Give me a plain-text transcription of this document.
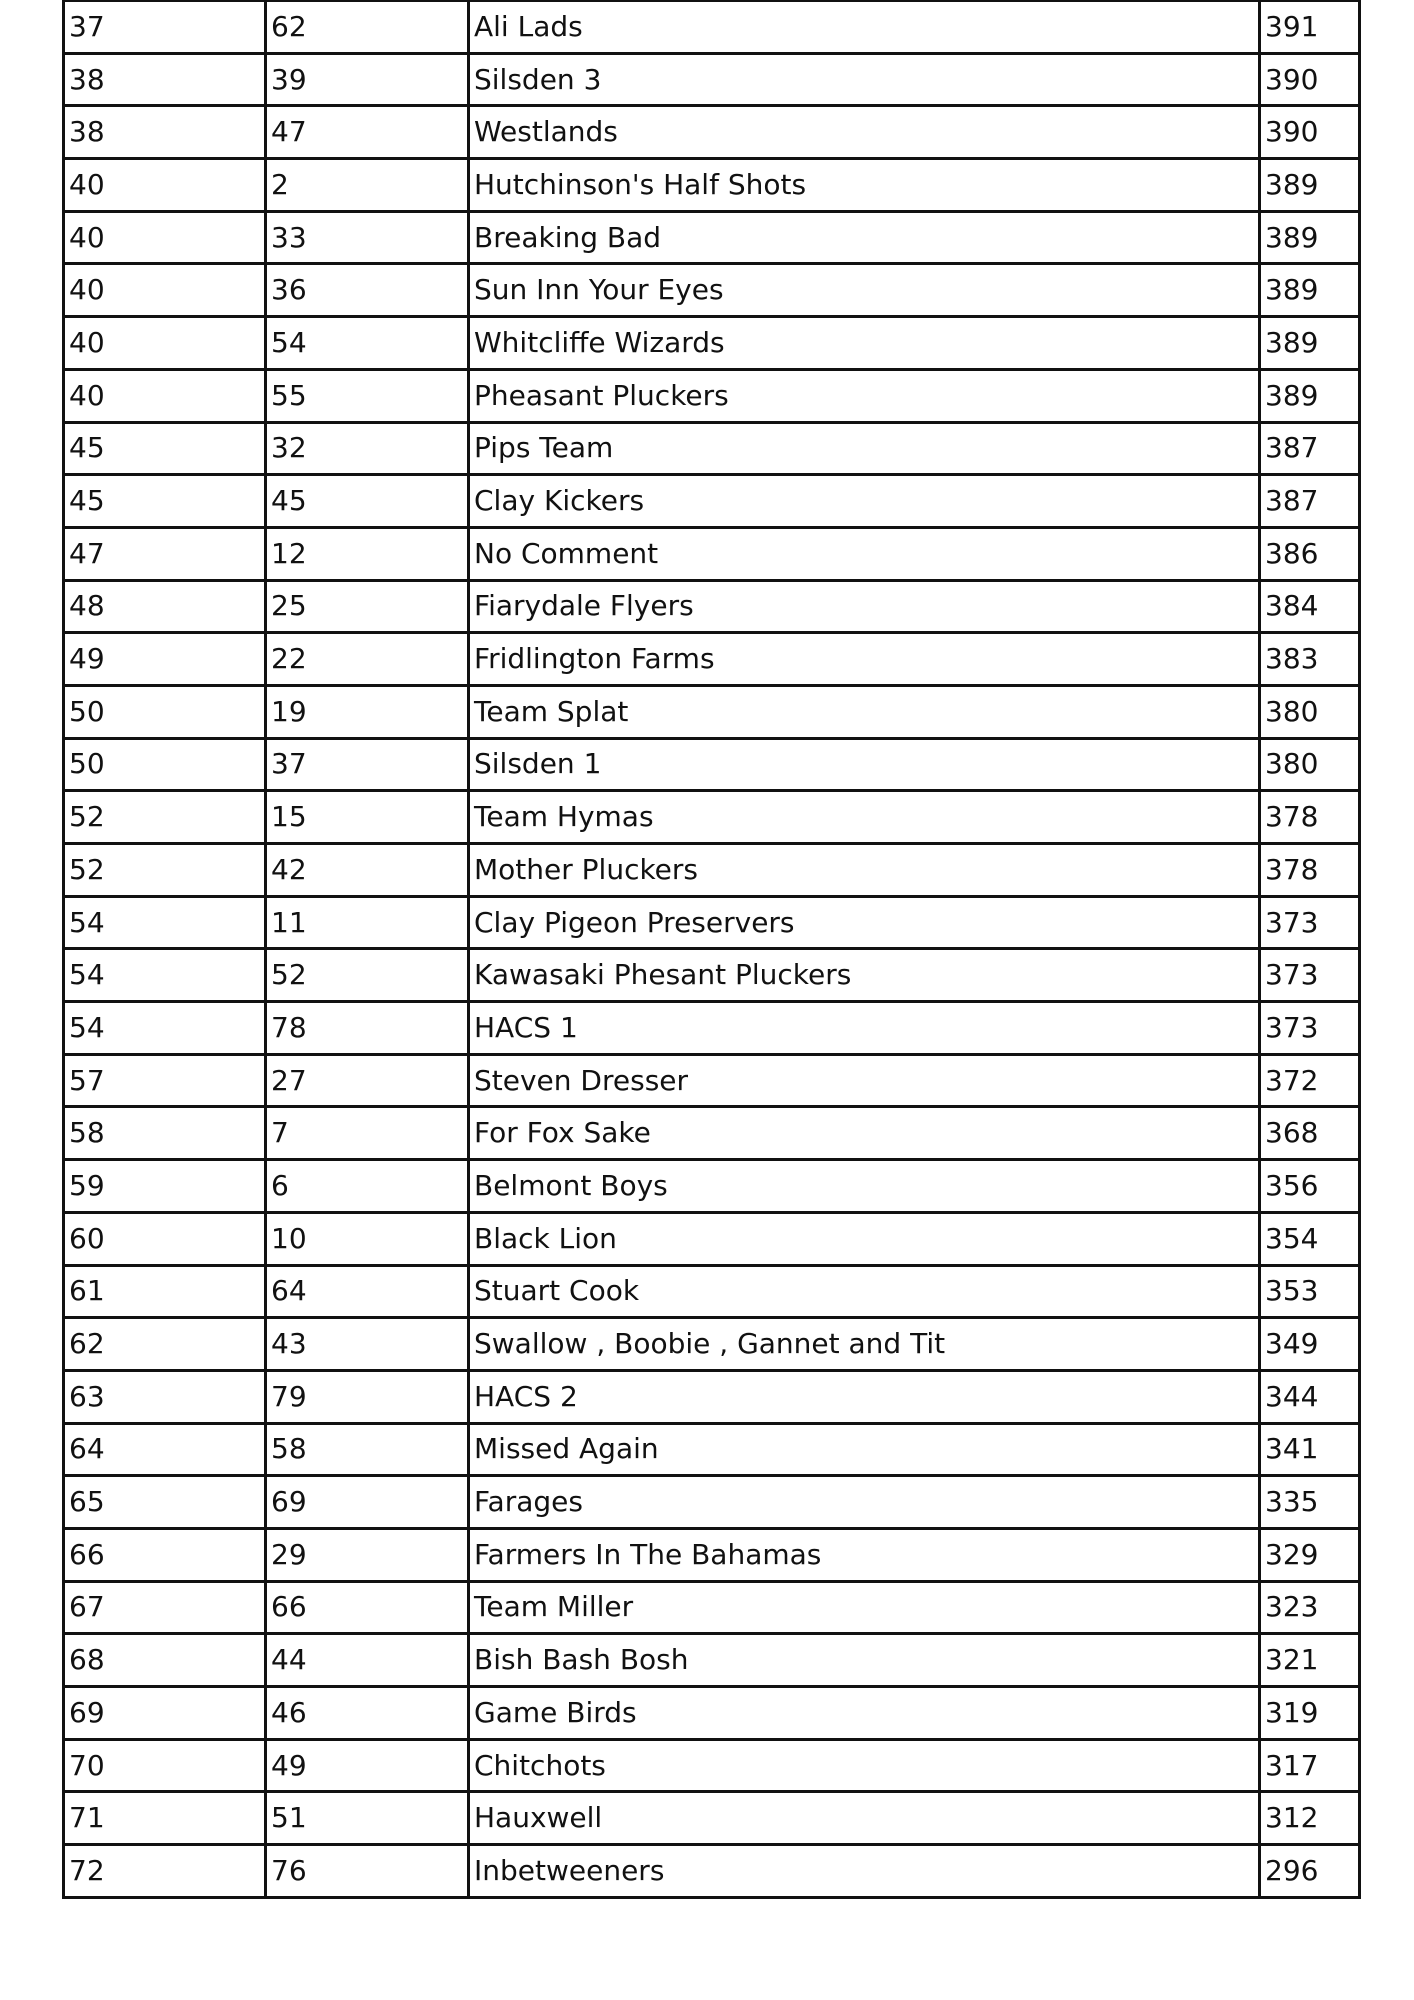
37	62	Ali Lads	391
38	39	Silsden 3	390
38	47	Westlands	390
40	2	Hutchinson's Half Shots	389
40	33	Breaking Bad	389
40	36	Sun Inn Your Eyes	389
40	54	Whitcliffe Wizards	389
40	55	Pheasant Pluckers	389
45	32	Pips Team	387
45	45	Clay Kickers	387
47	12	No Comment	386
48	25	Fiarydale Flyers	384
49	22	Fridlington Farms	383
50	19	Team Splat	380
50	37	Silsden 1	380
52	15	Team Hymas	378
52	42	Mother Pluckers	378
54	11	Clay Pigeon Preservers	373
54	52	Kawasaki Phesant Pluckers	373
54	78	HACS 1	373
57	27	Steven Dresser	372
58	7	For Fox Sake	368
59	6	Belmont Boys	356
60	10	Black Lion	354
61	64	Stuart Cook	353
62	43	Swallow , Boobie , Gannet and Tit	349
63	79	HACS 2	344
64	58	Missed Again	341
65	69	Farages	335
66	29	Farmers In The Bahamas	329
67	66	Team Miller	323
68	44	Bish Bash Bosh	321
69	46	Game Birds	319
70	49	Chitchots	317
71	51	Hauxwell	312
72	76	Inbetweeners	296
